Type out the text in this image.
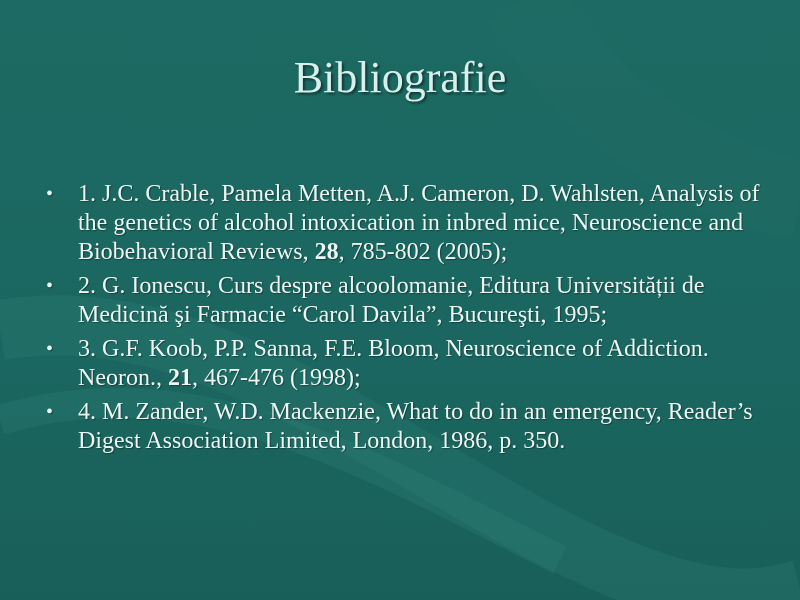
Bibliografie
• 1. J.C. Crable, Pamela Metten, A.J. Cameron, D. Wahlsten, Analysis of the genetics of alcohol intoxication in inbred mice, Neuroscience and Biobehavioral Reviews, 28, 785-802 (2005);
• 2. G. Ionescu, Curs despre alcoolomanie, Editura Universității de Medicină şi Farmacie “Carol Davila”, Bucureşti, 1995;
• 3. G.F. Koob, P.P. Sanna, F.E. Bloom, Neuroscience of Addiction. Neoron., 21, 467-476 (1998);
• 4. M. Zander, W.D. Mackenzie, What to do in an emergency, Reader’s Digest Association Limited, London, 1986, p. 350.
